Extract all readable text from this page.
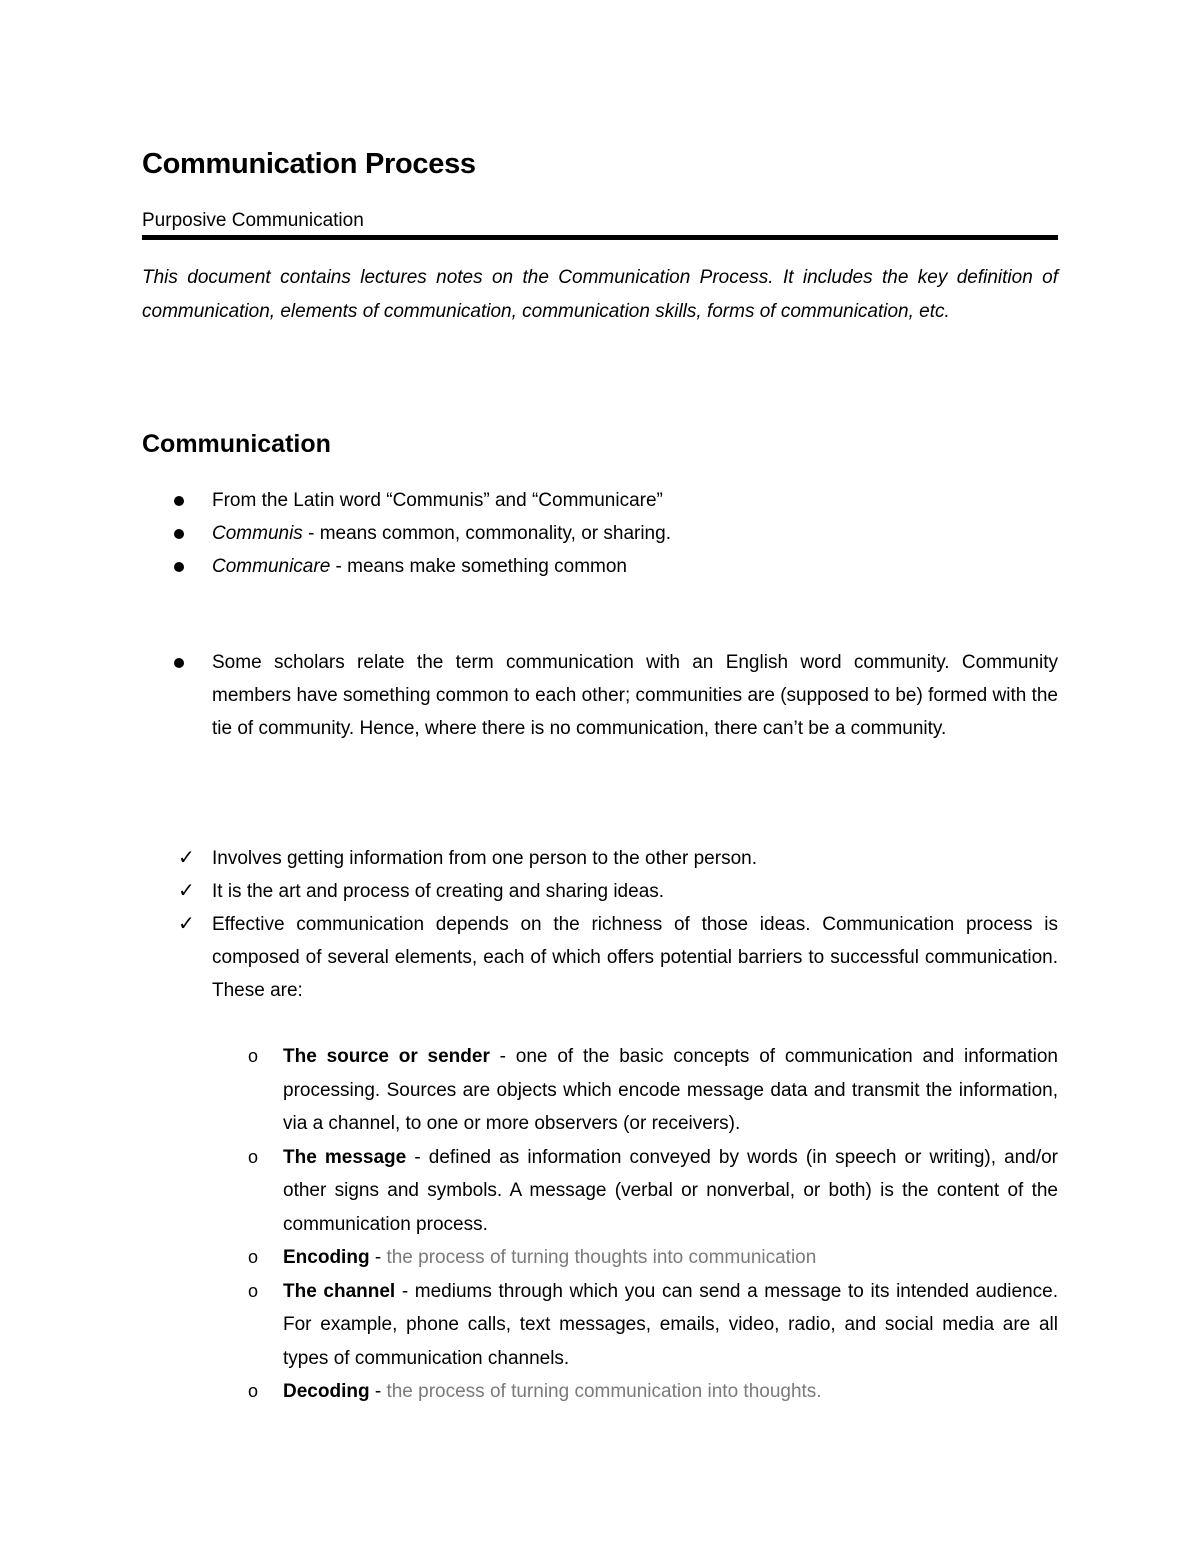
Communication Process

Purposive Communication

This document contains lectures notes on the Communication Process. It includes the key definition of communication, elements of communication, communication skills, forms of communication, etc.

Communication
From the Latin word “Communis” and “Communicare”
Communis - means common, commonality, or sharing.
Communicare - means make something common
Some scholars relate the term communication with an English word community. Community members have something common to each other; communities are (supposed to be) formed with the tie of community. Hence, where there is no communication, there can’t be a community.
✓ Involves getting information from one person to the other person.
✓ It is the art and process of creating and sharing ideas.
✓ Effective communication depends on the richness of those ideas. Communication process is composed of several elements, each of which offers potential barriers to successful communication. These are:
o The source or sender - one of the basic concepts of communication and information processing. Sources are objects which encode message data and transmit the information, via a channel, to one or more observers (or receivers).
o The message - defined as information conveyed by words (in speech or writing), and/or other signs and symbols. A message (verbal or nonverbal, or both) is the content of the communication process.
o Encoding - the process of turning thoughts into communication
o The channel - mediums through which you can send a message to its intended audience. For example, phone calls, text messages, emails, video, radio, and social media are all types of communication channels.
o Decoding - the process of turning communication into thoughts.
